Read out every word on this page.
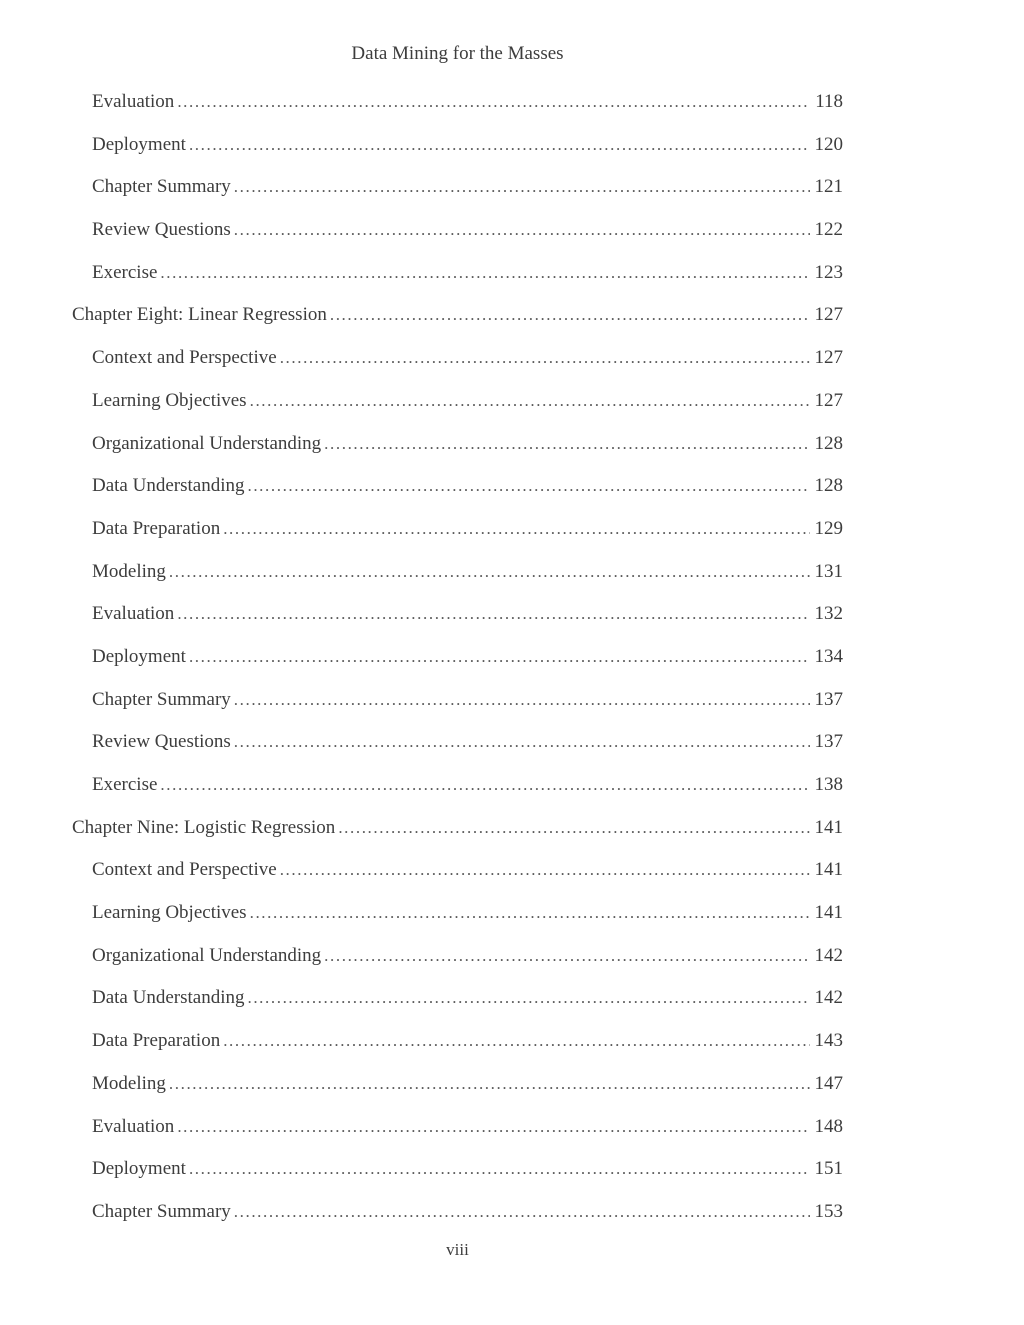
Data Mining for the Masses
Evaluation .....	118
Deployment .....	120
Chapter Summary .....	121
Review Questions .....	122
Exercise .....	123
Chapter Eight: Linear Regression .....	127
Context and Perspective .....	127
Learning Objectives .....	127
Organizational Understanding .....	128
Data Understanding .....	128
Data Preparation .....	129
Modeling .....	131
Evaluation .....	132
Deployment .....	134
Chapter Summary .....	137
Review Questions .....	137
Exercise .....	138
Chapter Nine: Logistic Regression .....	141
Context and Perspective .....	141
Learning Objectives .....	141
Organizational Understanding .....	142
Data Understanding .....	142
Data Preparation .....	143
Modeling .....	147
Evaluation .....	148
Deployment .....	151
Chapter Summary .....	153
viii
